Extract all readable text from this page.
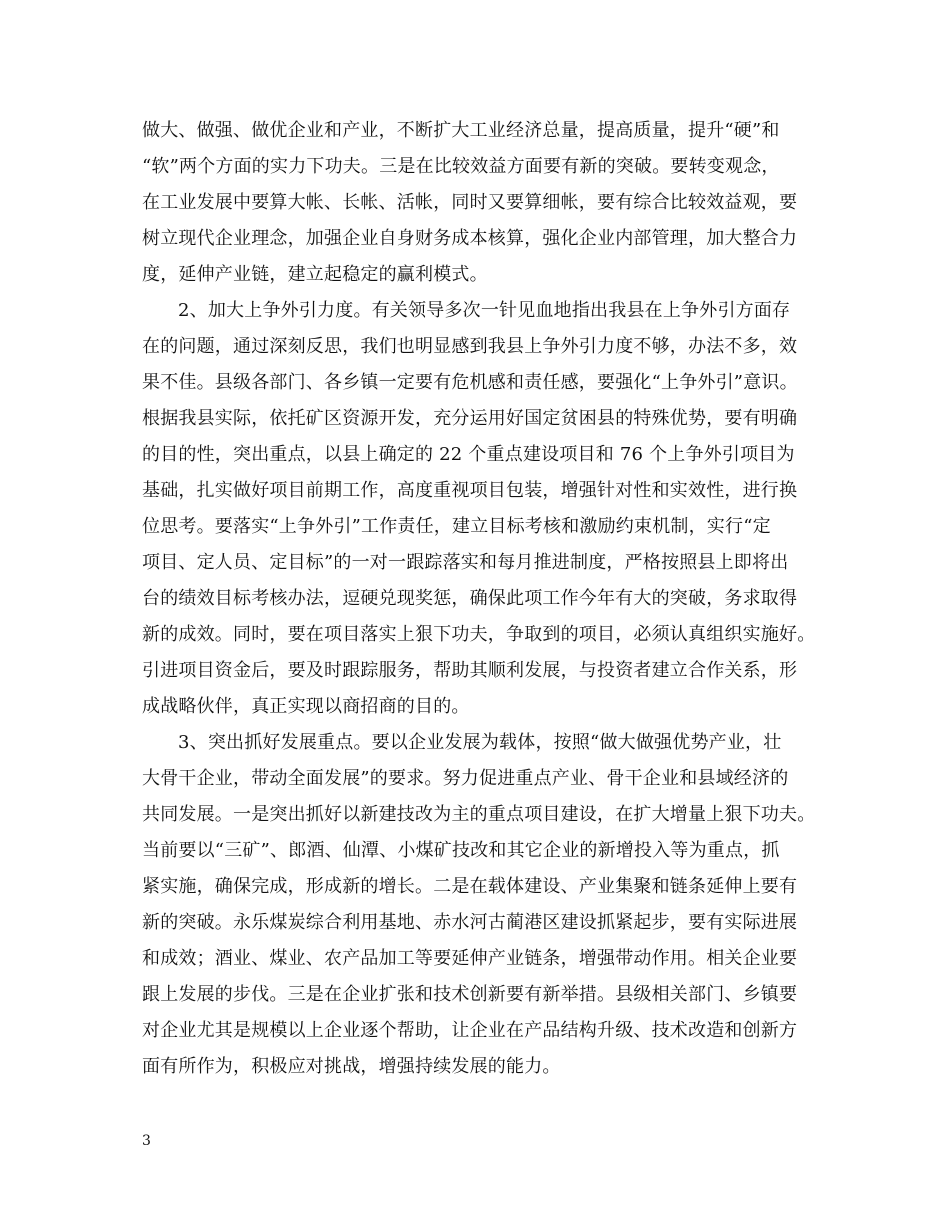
做大、做强、做优企业和产业，不断扩大工业经济总量，提高质量，提升“硬”和
“软”两个方面的实力下功夫。三是在比较效益方面要有新的突破。要转变观念，
在工业发展中要算大帐、长帐、活帐，同时又要算细帐，要有综合比较效益观，要
树立现代企业理念，加强企业自身财务成本核算，强化企业内部管理，加大整合力
度，延伸产业链，建立起稳定的赢利模式。
2、加大上争外引力度。有关领导多次一针见血地指出我县在上争外引方面存
在的问题，通过深刻反思，我们也明显感到我县上争外引力度不够，办法不多，效
果不佳。县级各部门、各乡镇一定要有危机感和责任感，要强化“上争外引”意识。
根据我县实际，依托矿区资源开发，充分运用好国定贫困县的特殊优势，要有明确
的目的性，突出重点，以县上确定的 22 个重点建设项目和 76 个上争外引项目为
基础，扎实做好项目前期工作，高度重视项目包装，增强针对性和实效性，进行换
位思考。要落实“上争外引”工作责任，建立目标考核和激励约束机制，实行“定
项目、定人员、定目标”的一对一跟踪落实和每月推进制度，严格按照县上即将出
台的绩效目标考核办法，逗硬兑现奖惩，确保此项工作今年有大的突破，务求取得
新的成效。同时，要在项目落实上狠下功夫，争取到的项目，必须认真组织实施好。
引进项目资金后，要及时跟踪服务，帮助其顺利发展，与投资者建立合作关系，形
成战略伙伴，真正实现以商招商的目的。
3、突出抓好发展重点。要以企业发展为载体，按照“做大做强优势产业，壮
大骨干企业，带动全面发展”的要求。努力促进重点产业、骨干企业和县域经济的
共同发展。一是突出抓好以新建技改为主的重点项目建设，在扩大增量上狠下功夫。
当前要以“三矿”、郎酒、仙潭、小煤矿技改和其它企业的新增投入等为重点，抓
紧实施，确保完成，形成新的增长。二是在载体建设、产业集聚和链条延伸上要有
新的突破。永乐煤炭综合利用基地、赤水河古蔺港区建设抓紧起步，要有实际进展
和成效；酒业、煤业、农产品加工等要延伸产业链条，增强带动作用。相关企业要
跟上发展的步伐。三是在企业扩张和技术创新要有新举措。县级相关部门、乡镇要
对企业尤其是规模以上企业逐个帮助，让企业在产品结构升级、技术改造和创新方
面有所作为，积极应对挑战，增强持续发展的能力。
3
